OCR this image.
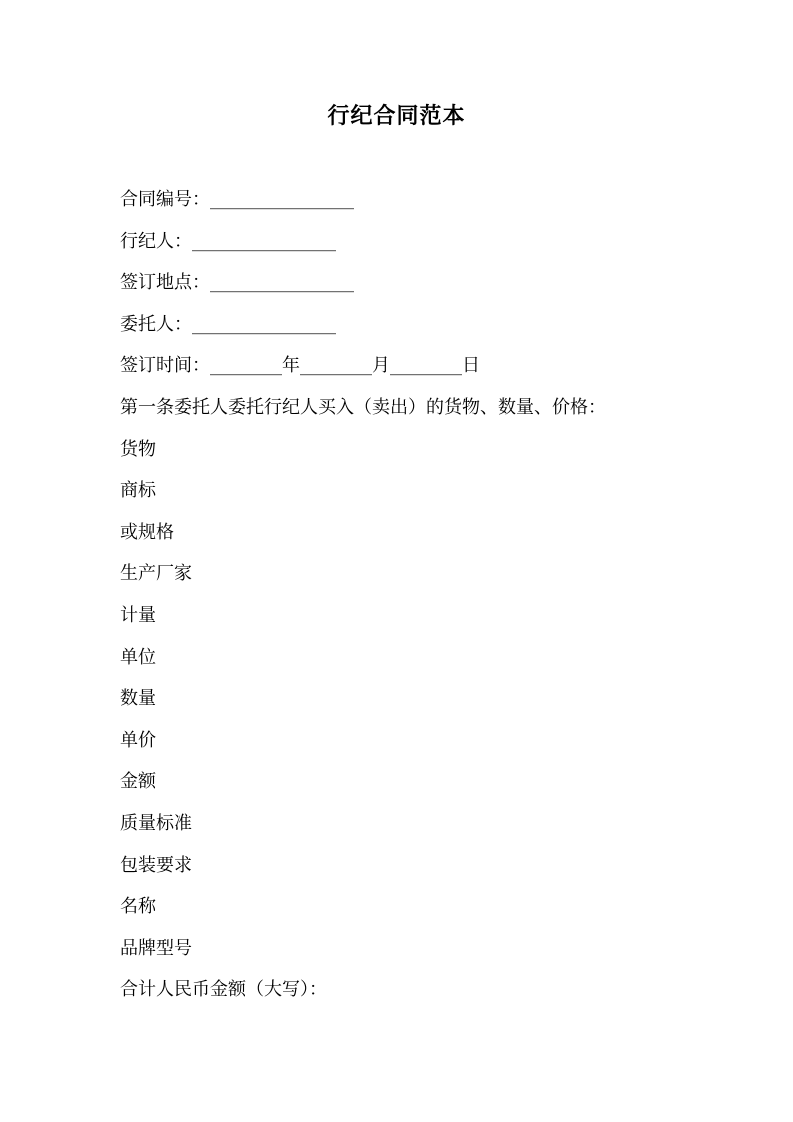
行纪合同范本
合同编号：________________
行纪人：________________
签订地点：________________
委托人：________________
签订时间：________年________月________日
第一条委托人委托行纪人买入（卖出）的货物、数量、价格：
货物
商标
或规格
生产厂家
计量
单位
数量
单价
金额
质量标准
包装要求
名称
品牌型号
合计人民币金额（大写）：
